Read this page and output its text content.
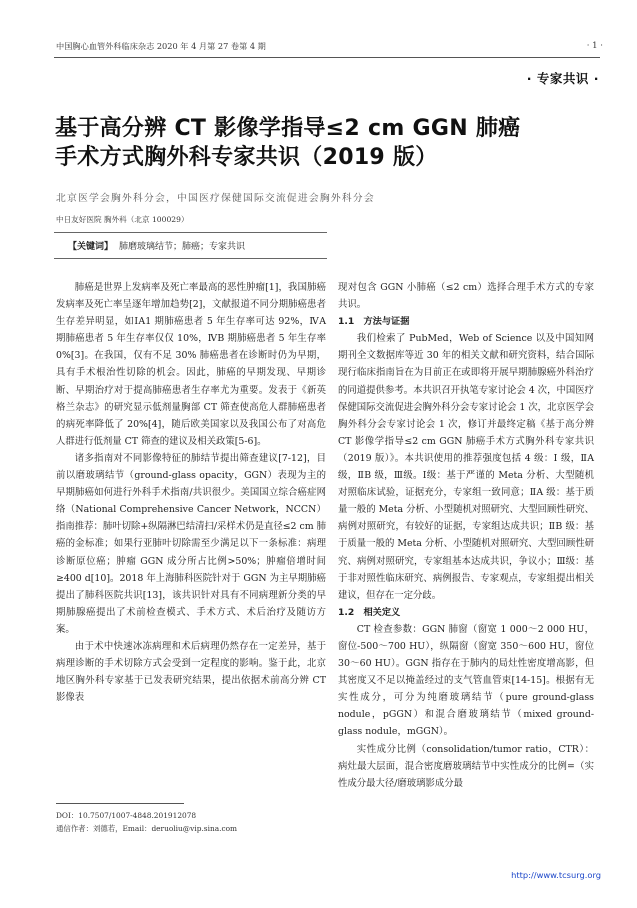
中国胸心血管外科临床杂志 2020 年 4 月第 27 卷第 4 期	· 1 ·
· 专家共识 ·
基于高分辨 CT 影像学指导≤2 cm GGN 肺癌
手术方式胸外科专家共识（2019 版）
北京医学会胸外科分会，中国医疗保健国际交流促进会胸外科分会
中日友好医院 胸外科（北京 100029）
【关键词】 肺磨玻璃结节；肺癌；专家共识

肺癌是世界上发病率及死亡率最高的恶性肿瘤[1]，我国肺癌发病率及死亡率呈逐年增加趋势[2]，文献报道不同分期肺癌患者生存差异明显，如ⅠA1 期肺癌患者 5 年生存率可达 92%，ⅣA 期肺癌患者 5 年生存率仅仅 10%，ⅣB 期肺癌患者 5 年生存率 0%[3]。在我国，仅有不足 30% 肺癌患者在诊断时仍为早期，具有手术根治性切除的机会。因此，肺癌的早期发现、早期诊断、早期治疗对于提高肺癌患者生存率尤为重要。发表于《新英格兰杂志》的研究显示低剂量胸部 CT 筛查使高危人群肺癌患者的病死率降低了 20%[4]，随后欧美国家以及我国公布了对高危人群进行低剂量 CT 筛查的建议及相关政策[5-6]。

诸多指南对不同影像特征的肺结节提出筛查建议[7-12]，目前以磨玻璃结节（ground-glass opacity，GGN）表现为主的早期肺癌如何进行外科手术指南/共识很少。美国国立综合癌症网络（National Comprehensive Cancer Network，NCCN）指南推荐：肺叶切除+纵隔淋巴结清扫/采样术仍是直径≤2 cm 肺癌的金标准；如果行亚肺叶切除需至少满足以下一条标准：病理诊断原位癌；肿瘤 GGN 成分所占比例>50%；肿瘤倍增时间≥400 d[10]。2018 年上海肺科医院针对于 GGN 为主早期肺癌提出了肺科医院共识[13]，该共识针对具有不同病理新分类的早期肺腺癌提出了术前检查模式、手术方式、术后治疗及随访方案。

由于术中快速冰冻病理和术后病理仍然存在一定差异，基于病理诊断的手术切除方式会受到一定程度的影响。鉴于此，北京地区胸外科专家基于已发表研究结果，提出依据术前高分辨 CT 影像表

现对包含 GGN 小肺癌（≤2 cm）选择合理手术方式的专家共识。

1.1　方法与证据

我们检索了 PubMed，Web of Science 以及中国知网期刊全文数据库等近 30 年的相关文献和研究资料，结合国际现行临床指南旨在为目前正在或即将开展早期肺腺癌外科治疗的同道提供参考。本共识召开执笔专家讨论会 4 次，中国医疗保健国际交流促进会胸外科分会专家讨论会 1 次，北京医学会胸外科分会专家讨论会 1 次，修订并最终定稿《基于高分辨 CT 影像学指导≤2 cm GGN 肺癌手术方式胸外科专家共识（2019 版）》。本共识使用的推荐强度包括 4 级：Ⅰ 级，ⅡA 级，ⅡB 级，Ⅲ级。Ⅰ级：基于严谨的 Meta 分析、大型随机对照临床试验，证据充分，专家组一致同意；ⅡA 级：基于质量一般的 Meta 分析、小型随机对照研究、大型回顾性研究、病例对照研究，有较好的证据，专家组达成共识；ⅡB 级：基于质量一般的 Meta 分析、小型随机对照研究、大型回顾性研究、病例对照研究，专家组基本达成共识，争议小；Ⅲ级：基于非对照性临床研究、病例报告、专家观点，专家组提出相关建议，但存在一定分歧。

1.2　相关定义

CT 检查参数：GGN 肺窗（窗宽 1 000～2 000 HU，窗位-500～700 HU），纵隔窗（窗宽 350～600 HU，窗位 30～60 HU）。GGN 指存在于肺内的局灶性密度增高影，但其密度又不足以掩盖经过的支气管血管束[14-15]。根据有无实性成分，可分为纯磨玻璃结节（pure ground-glass nodule，pGGN）和混合磨玻璃结节（mixed ground-glass nodule，mGGN）。

实性成分比例（consolidation/tumor ratio，CTR）：病灶最大层面，混合密度磨玻璃结节中实性成分的比例=（实性成分最大径/磨玻璃影成分最

DOI：10.7507/1007-4848.201912078
通信作者：刘德若，Email：deruoliu@vip.sina.com
http://www.tcsurg.org
